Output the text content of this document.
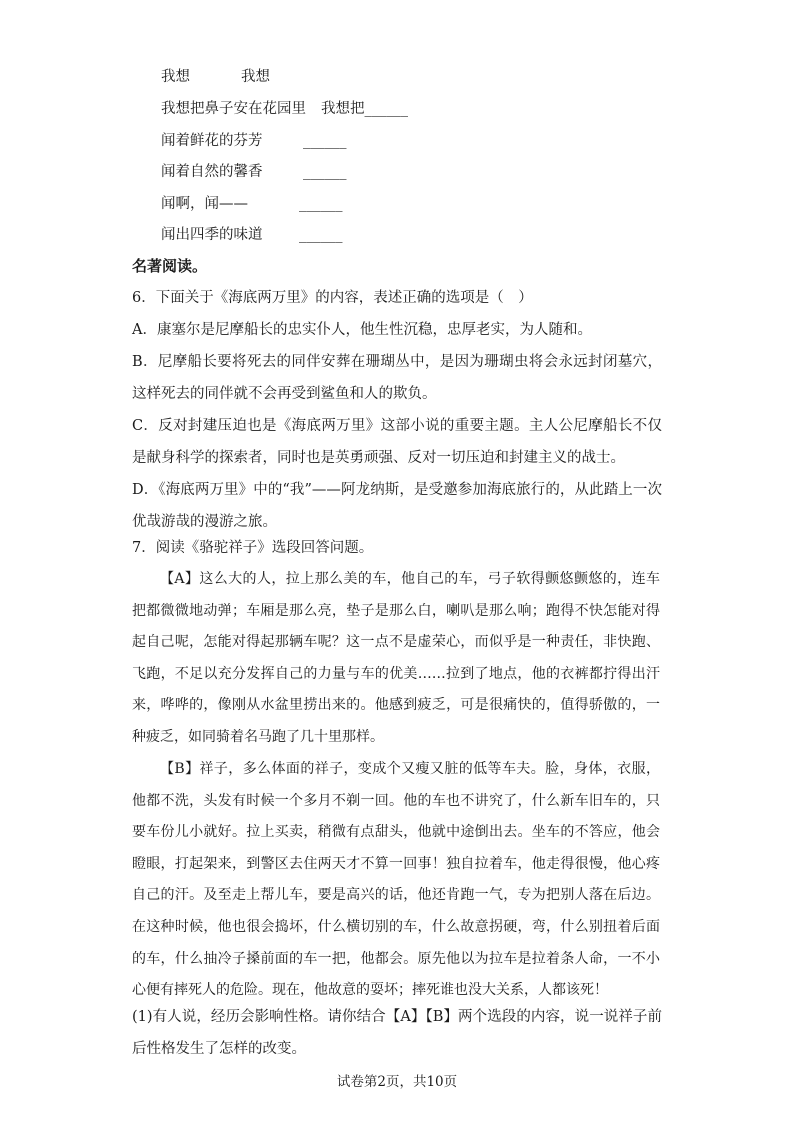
我想	我想
我想把鼻子安在花园里 我想把______
闻着鲜花的芬芳	______
闻着自然的馨香	______
闻啊，闻——	______
闻出四季的味道	______
名著阅读。
6．下面关于《海底两万里》的内容，表述正确的选项是（　）
A．康塞尔是尼摩船长的忠实仆人，他生性沉稳，忠厚老实，为人随和。

B．尼摩船长要将死去的同伴安葬在珊瑚丛中，是因为珊瑚虫将会永远封闭墓穴，这样死去的同伴就不会再受到鲨鱼和人的欺负。

C．反对封建压迫也是《海底两万里》这部小说的重要主题。主人公尼摩船长不仅是献身科学的探索者，同时也是英勇顽强、反对一切压迫和封建主义的战士。

D．《海底两万里》中的“我”——阿龙纳斯，是受邀参加海底旅行的，从此踏上一次优哉游哉的漫游之旅。

7．阅读《骆驼祥子》选段回答问题。

【A】这么大的人，拉上那么美的车，他自己的车，弓子软得颤悠颤悠的，连车把都微微地动弹；车厢是那么亮，垫子是那么白，喇叭是那么响；跑得不快怎能对得起自己呢，怎能对得起那辆车呢？这一点不是虚荣心，而似乎是一种责任，非快跑、飞跑，不足以充分发挥自己的力量与车的优美……拉到了地点，他的衣裤都拧得出汗来，哗哗的，像刚从水盆里捞出来的。他感到疲乏，可是很痛快的，值得骄傲的，一种疲乏，如同骑着名马跑了几十里那样。

【B】祥子，多么体面的祥子，变成个又瘦又脏的低等车夫。脸，身体，衣服，他都不洗，头发有时候一个多月不剃一回。他的车也不讲究了，什么新车旧车的，只要车份儿小就好。拉上买卖，稍微有点甜头，他就中途倒出去。坐车的不答应，他会瞪眼，打起架来，到警区去住两天才不算一回事！独自拉着车，他走得很慢，他心疼自己的汗。及至走上帮儿车，要是高兴的话，他还肯跑一气，专为把别人落在后边。在这种时候，他也很会捣坏，什么横切别的车，什么故意拐硬，弯，什么别扭着后面的车，什么抽冷子搡前面的车一把，他都会。原先他以为拉车是拉着条人命，一不小心便有摔死人的危险。现在，他故意的耍坏；摔死谁也没大关系，人都该死！

(1)有人说，经历会影响性格。请你结合【A】【B】两个选段的内容，说一说祥子前后性格发生了怎样的改变。

试卷第2页，共10页
